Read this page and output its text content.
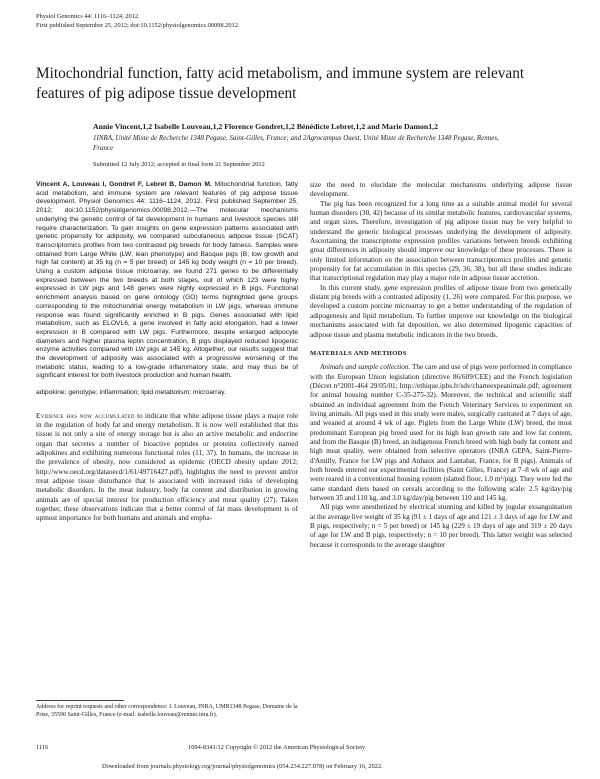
Physiol Genomics 44: 1116–1124, 2012.
First published September 25, 2012; doi:10.1152/physiolgenomics.00098.2012.
Mitochondrial function, fatty acid metabolism, and immune system are relevant features of pig adipose tissue development
Annie Vincent,1,2 Isabelle Louveau,1,2 Florence Gondret,1,2 Bénédicte Lebret,1,2 and Marie Damon1,2
1INRA, Unité Mixte de Recherche 1348 Pegase, Saint-Gilles, France; and 2Agrocampus Ouest, Unité Mixte de Recherche 1348 Pegase, Rennes, France
Submitted 12 July 2012; accepted in final form 21 September 2012
Vincent A, Louveau I, Gondret F, Lebret B, Damon M. Mitochondrial function, fatty acid metabolism, and immune system are relevant features of pig adipose tissue development. Physiol Genomics 44: 1116–1124, 2012. First published September 25, 2012; doi:10.1152/physiolgenomics.00098.2012.—The molecular mechanisms underlying the genetic control of fat development in humans and livestock species still require characterization. To gain insights on gene expression patterns associated with genetic propensity for adiposity, we compared subcutaneous adipose tissue (SCAT) transcriptomics profiles from two contrasted pig breeds for body fatness. Samples were obtained from Large White (LW; lean phenotype) and Basque pigs (B; low growth and high fat content) at 35 kg (n = 5 per breed) or 145 kg body weight (n = 10 per breed). Using a custom adipose tissue microarray, we found 271 genes to be differentially expressed between the two breeds at both stages, out of which 123 were highly expressed in LW pigs and 148 genes were highly expressed in B pigs. Functional enrichment analysis based on gene ontology (GO) terms highlighted gene groups corresponding to the mitochondrial energy metabolism in LW pigs, whereas immune response was found significantly enriched in B pigs. Genes associated with lipid metabolism, such as ELOVL6, a gene involved in fatty acid elongation, had a lower expression in B compared with LW pigs. Furthermore, despite enlarged adipocyte diameters and higher plasma leptin concentration, B pigs displayed reduced lipogenic enzyme activities compared with LW pigs at 145 kg. Altogether, our results suggest that the development of adiposity was associated with a progressive worsening of the metabolic status, leading to a low-grade inflammatory state, and may thus be of significant interest for both livestock production and human health.
adipokine; genotype; inflammation; lipid metabolism; microarray.

Evidence has now accumulated to indicate that white adipose tissue plays a major role in the regulation of body fat and energy metabolism. It is now well established that this tissue is not only a site of energy storage but is also an active metabolic and endocrine organ that secretes a number of bioactive peptides or proteins collectively named adipokines and exhibiting numerous functional roles (11, 37). In humans, the increase in the prevalence of obesity, now considered as epidemic (OECD obesity update 2012; http://www.oecd.org/dataoecd/1/61/49716427.pdf), highlights the need to prevent and/or treat adipose tissue disturbance that is associated with increased risks of developing metabolic disorders. In the meat industry, body fat content and distribution in growing animals are of special interest for production efficiency and meat quality (27). Taken together, these observations indicate that a better control of fat mass development is of upmost importance for both humans and animals and empha-

size the need to elucidate the molecular mechanisms underlying adipose tissue development.

The pig has been recognized for a long time as a suitable animal model for several human disorders (30, 42) because of its similar metabolic features, cardiovascular systems, and organ sizes. Therefore, investigation of pig adipose tissue may be very helpful to understand the generic biological processes underlying the development of adiposity. Ascertaining the transcriptome expression profiles variations between breeds exhibiting great differences in adiposity should improve our knowledge of these processes. There is only limited information on the association between transcriptomics profiles and genetic propensity for fat accumulation in this species (29, 36, 38), but all these studies indicate that transcriptional regulation may play a major role in adipose tissue accretion.

In this current study, gene expression profiles of adipose tissue from two genetically distant pig breeds with a contrasted adiposity (1, 26) were compared. For this purpose, we developed a custom porcine microarray to get a better understanding of the regulation of adipogenesis and lipid metabolism. To further improve our knowledge on the biological mechanisms associated with fat deposition, we also determined lipogenic capacities of adipose tissue and plasma metabolic indicators in the two breeds.

MATERIALS AND METHODS

Animals and sample collection. The care and use of pigs were performed in compliance with the European Union legislation (directive 86/609/CEE) and the French legislation (Décret n°2001-464 29/05/01; http://ethique.ipbs.fr/sdv/charteexpeanimale.pdf; agreement for animal housing number C-35-275-32). Moreover, the technical and scientific staff obtained an individual agreement from the French Veterinary Services to experiment on living animals. All pigs used in this study were males, surgically castrated at 7 days of age, and weaned at around 4 wk of age. Piglets from the Large White (LW) breed, the most predominant European pig breed used for its high lean growth rate and low fat content, and from the Basque (B) breed, an indigenous French breed with high body fat content and high meat quality, were obtained from selective operators (INRA GEPA, Saint-Pierre-d'Amilly, France for LW pigs and Anhaux and Lantabat, France, for B pigs). Animals of both breeds entered our experimental facilities (Saint Gilles, France) at 7–8 wk of age and were reared in a conventional housing system (slatted floor, 1.0 m²/pig). They were fed the same standard diets based on cereals according to the following scale: 2.5 kg/day/pig between 35 and 110 kg, and 3.0 kg/day/pig between 110 and 145 kg.

All pigs were anesthetized by electrical stunning and killed by jugular exsanguination at the average live weight of 35 kg (91 ± 1 days of age and 121 ± 3 days of age for LW and B pigs, respectively; n = 5 per breed) or 145 kg (229 ± 19 days of age and 319 ± 20 days of age for LW and B pigs, respectively; n = 10 per breed). This latter weight was selected because it corresponds to the average slaughter

Address for reprint requests and other correspondence: I. Louveau, INRA, UMR1348 Pegase, Domaine de la Prise, 35590 Saint-Gilles, France (e-mail: isabelle.louveau@rennes.inra.fr).
1116	1094-8341/12 Copyright © 2012 the American Physiological Society
Downloaded from journals.physiology.org/journal/physiolgenomics (054.234.227.078) on February 16, 2022.
